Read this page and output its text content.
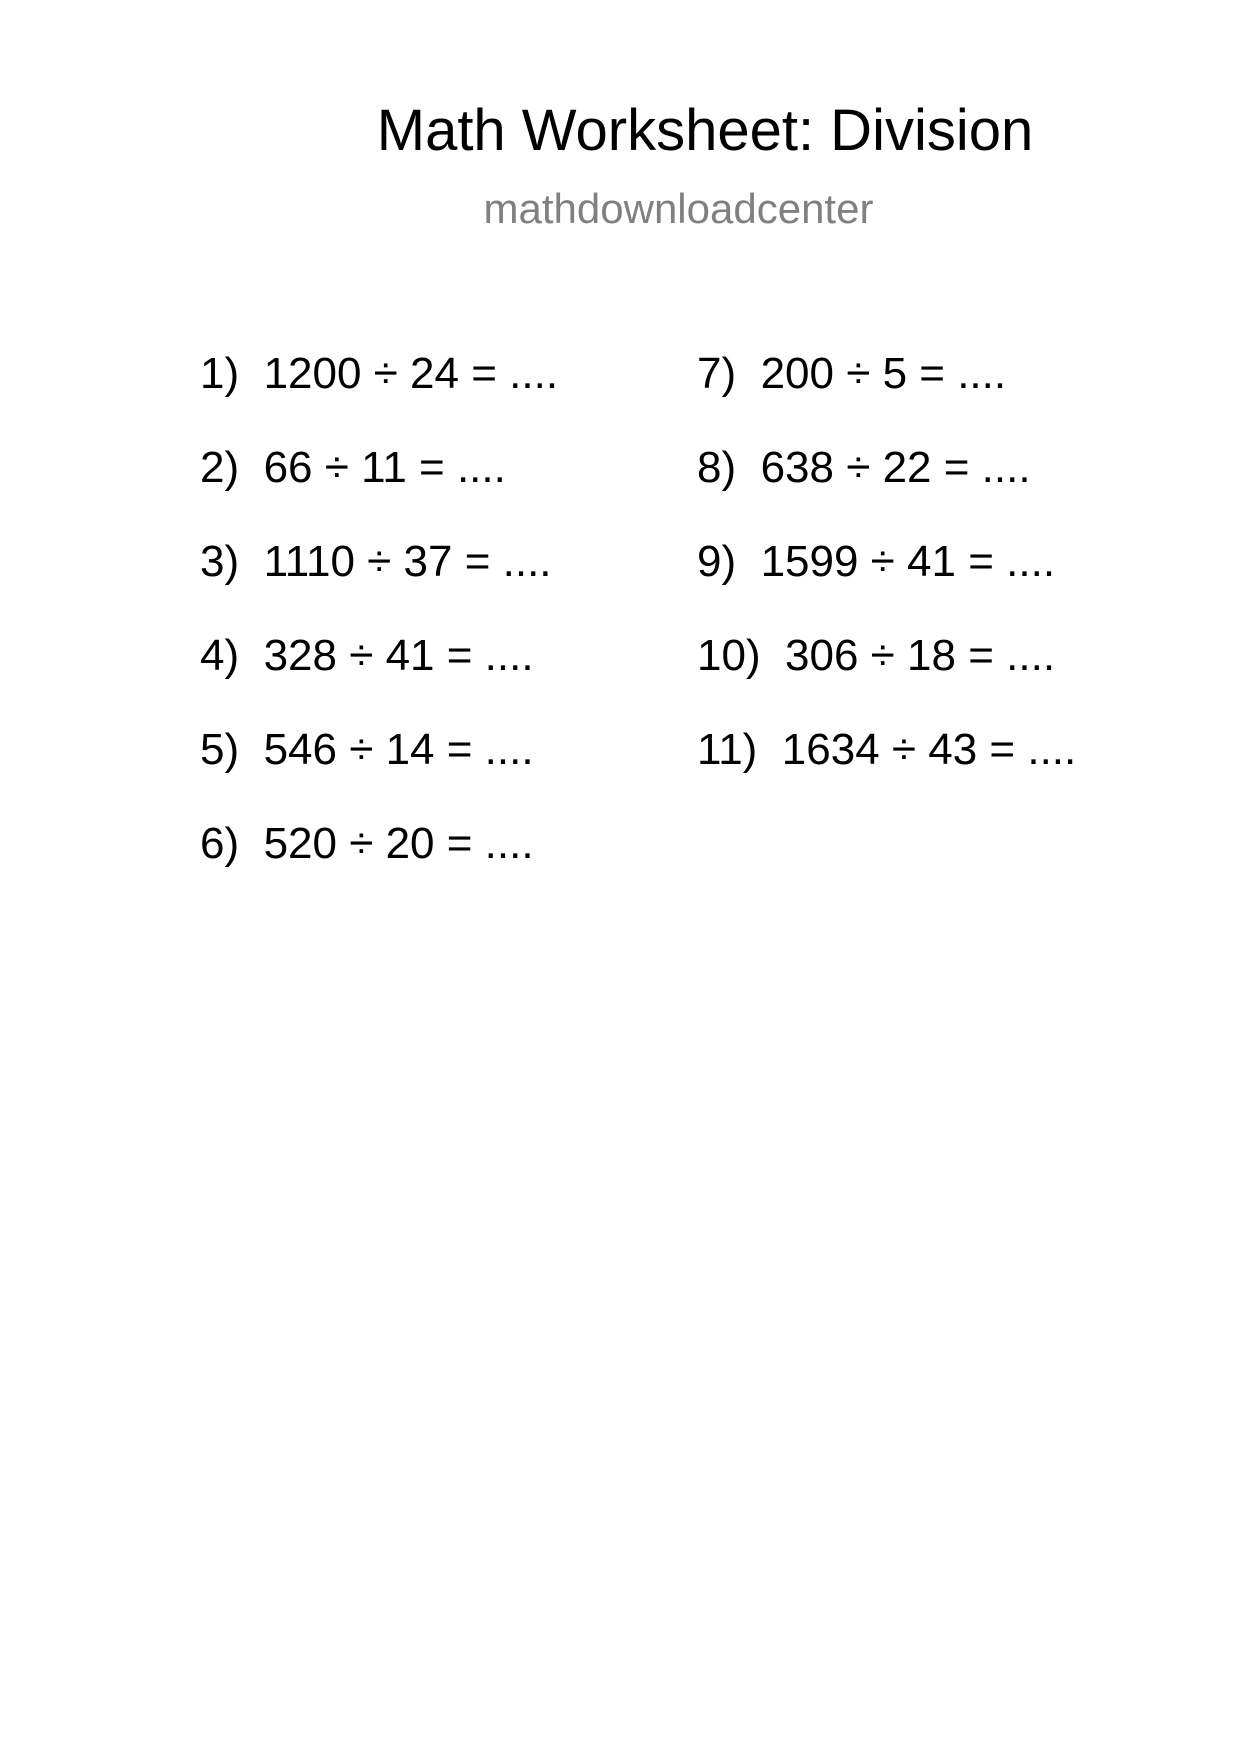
Math Worksheet: Division
mathdownloadcenter
1) 1200 ÷ 24 = ....
2) 66 ÷ 11 = ....
3) 1110 ÷ 37 = ....
4) 328 ÷ 41 = ....
5) 546 ÷ 14 = ....
6) 520 ÷ 20 = ....
7) 200 ÷ 5 = ....
8) 638 ÷ 22 = ....
9) 1599 ÷ 41 = ....
10) 306 ÷ 18 = ....
11) 1634 ÷ 43 = ....
